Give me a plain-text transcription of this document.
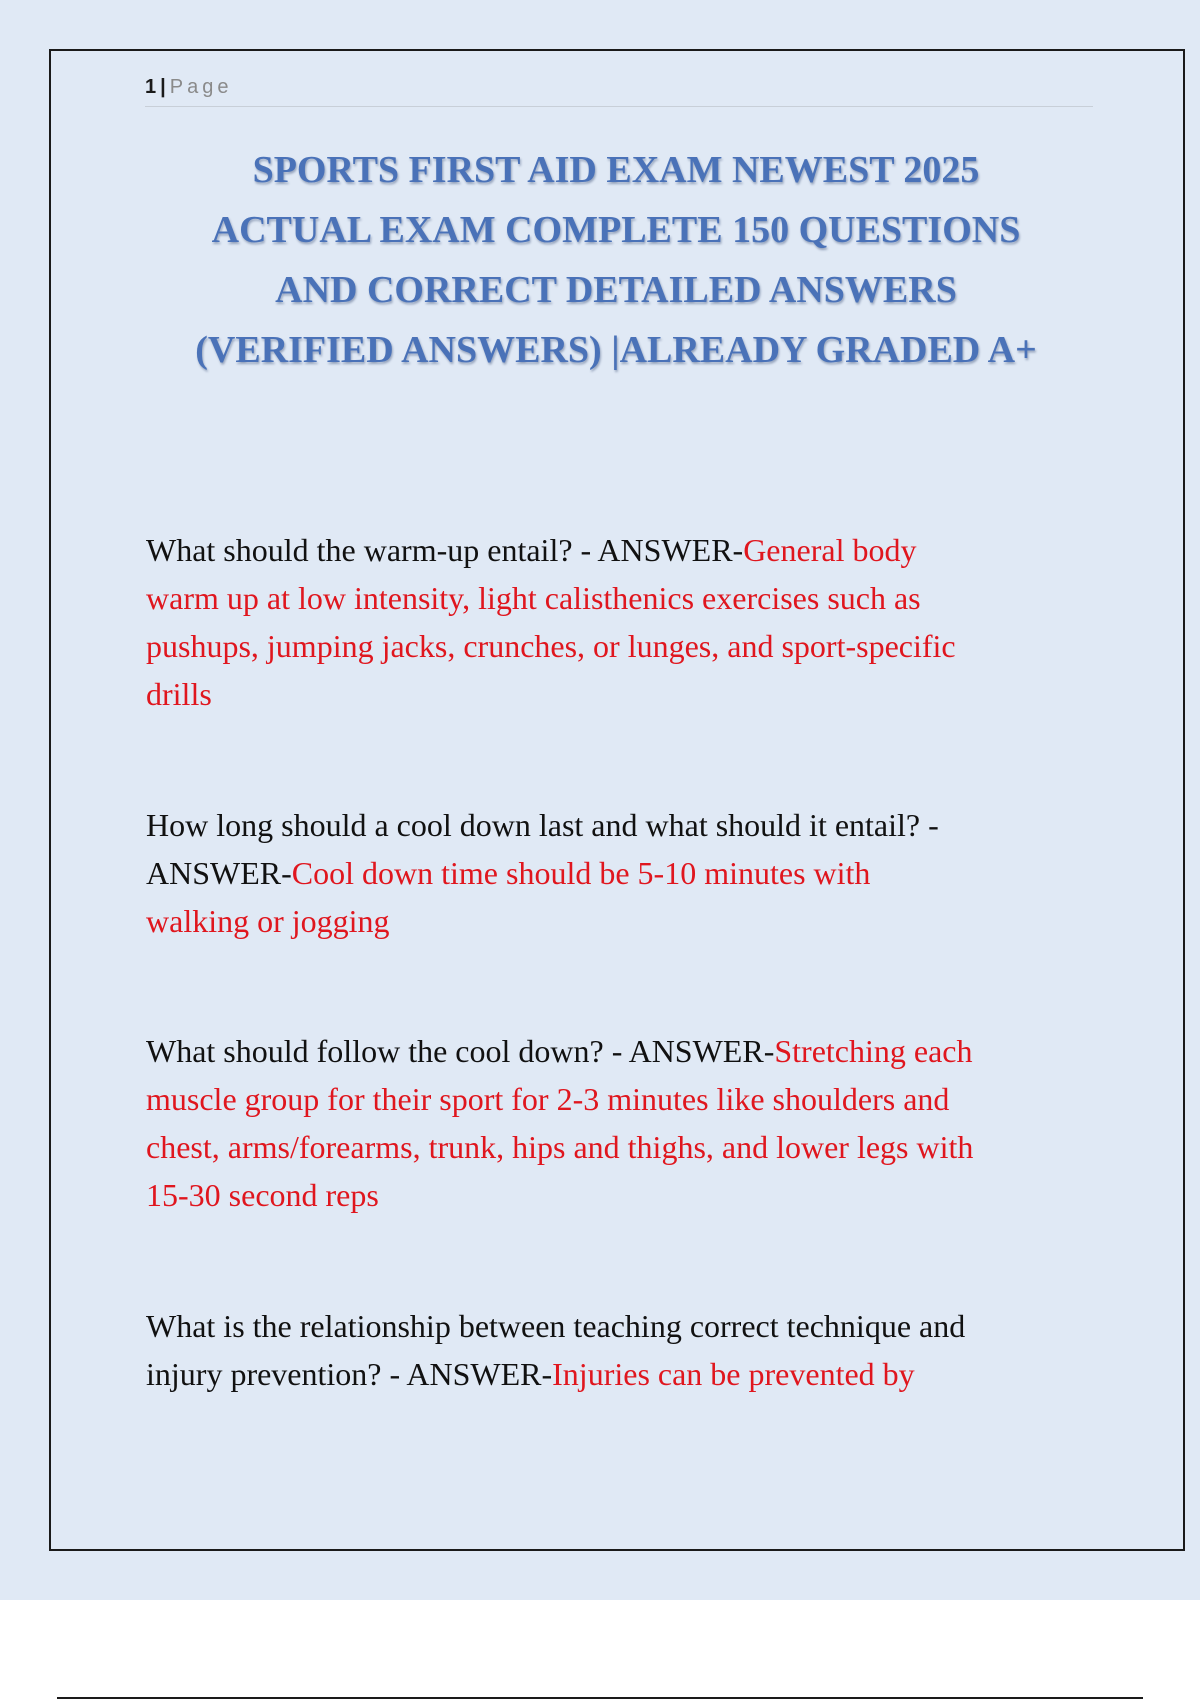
1 | Page
SPORTS FIRST AID EXAM NEWEST 2025
ACTUAL EXAM COMPLETE 150 QUESTIONS
AND CORRECT DETAILED ANSWERS
(VERIFIED ANSWERS) |ALREADY GRADED A+
What should the warm-up entail? - ANSWER-General body
warm up at low intensity, light calisthenics exercises such as
pushups, jumping jacks, crunches, or lunges, and sport-specific
drills
How long should a cool down last and what should it entail? -
ANSWER-Cool down time should be 5-10 minutes with
walking or jogging
What should follow the cool down? - ANSWER-Stretching each
muscle group for their sport for 2-3 minutes like shoulders and
chest, arms/forearms, trunk, hips and thighs, and lower legs with
15-30 second reps
What is the relationship between teaching correct technique and
injury prevention? - ANSWER-Injuries can be prevented by
